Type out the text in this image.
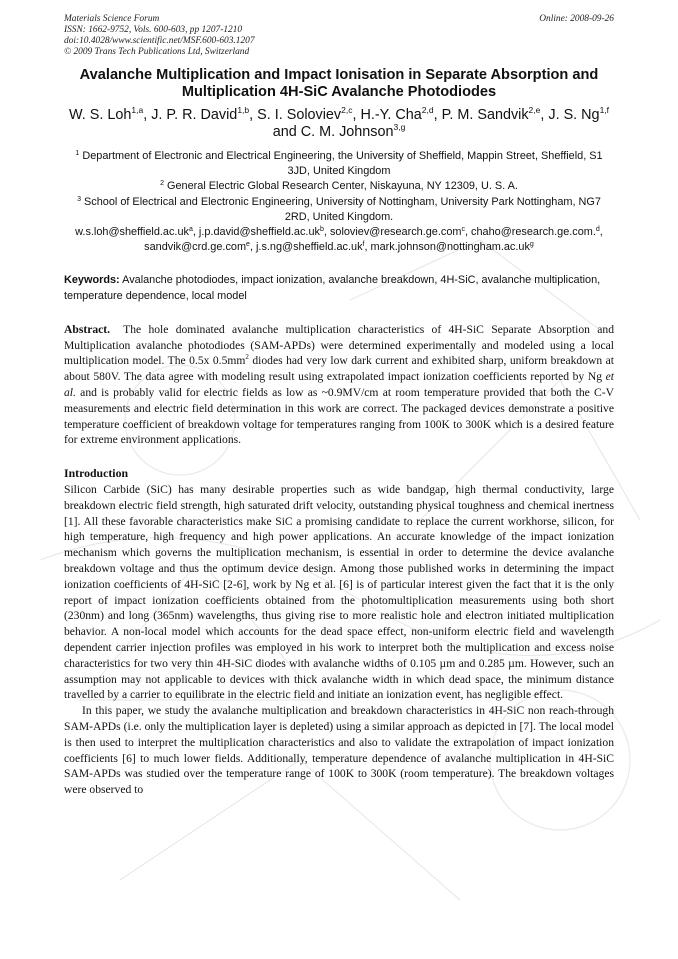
Materials Science Forum
ISSN: 1662-9752, Vols. 600-603, pp 1207-1210
doi:10.4028/www.scientific.net/MSF.600-603.1207
© 2009 Trans Tech Publications Ltd, Switzerland
Online: 2008-09-26
Avalanche Multiplication and Impact Ionisation in Separate Absorption and Multiplication 4H-SiC Avalanche Photodiodes
W. S. Loh$^{1,a}$, J. P. R. David$^{1,b}$, S. I. Soloviev$^{2,c}$, H.-Y. Cha$^{2,d}$, P. M. Sandvik$^{2,e}$, J. S. Ng$^{1,f}$ and C. M. Johnson$^{3,g}$
$^1$ Department of Electronic and Electrical Engineering, the University of Sheffield, Mappin Street, Sheffield, S1 3JD, United Kingdom
$^2$ General Electric Global Research Center, Niskayuna, NY 12309, U. S. A.
$^3$ School of Electrical and Electronic Engineering, University of Nottingham, University Park Nottingham, NG7 2RD, United Kingdom.
$w.s.loh@sheffield.ac.uk^a$, $j.p.david@sheffield.ac.uk^b$, soloviev@research.ge.com$^c$, chaho@research.ge.com.$^d$, sandvik@crd.ge.com$^e$, $j.s.ng@sheffield.ac.uk^f$, $mark.johnson@nottingham.ac.uk^g$
Keywords: Avalanche photodiodes, impact ionization, avalanche breakdown, 4H-SiC, avalanche multiplication, temperature dependence, local model
Abstract. The hole dominated avalanche multiplication characteristics of 4H-SiC Separate Absorption and Multiplication avalanche photodiodes (SAM-APDs) were determined experimentally and modeled using a local multiplication model. The 0.5x $0.5mm^2$ diodes had very low dark current and exhibited sharp, uniform breakdown at about 580V. The data agree with modeling result using extrapolated impact ionization coefficients reported by Ng et al. and is probably valid for electric fields as low as ~0.9MV/cm at room temperature provided that both the C-V measurements and electric field determination in this work are correct. The packaged devices demonstrate a positive temperature coefficient of breakdown voltage for temperatures ranging from 100K to 300K which is a desired feature for extreme environment applications.
Introduction

Silicon Carbide (SiC) has many desirable properties such as wide bandgap, high thermal conductivity, large breakdown electric field strength, high saturated drift velocity, outstanding physical toughness and chemical inertness [1]. All these favorable characteristics make SiC a promising candidate to replace the current workhorse, silicon, for high temperature, high frequency and high power applications. An accurate knowledge of the impact ionization mechanism which governs the multiplication mechanism, is essential in order to determine the device avalanche breakdown voltage and thus the optimum device design. Among those published works in determining the impact ionization coefficients of 4H-SiC [2-6], work by Ng et al. [6] is of particular interest given the fact that it is the only report of impact ionization coefficients obtained from the photomultiplication measurements using both short (230nm) and long (365nm) wavelengths, thus giving rise to more realistic hole and electron initiated multiplication behavior. A non-local model which accounts for the dead space effect, non-uniform electric field and wavelength dependent carrier injection profiles was employed in his work to interpret both the multiplication and excess noise characteristics for two very thin 4H-SiC diodes with avalanche widths of 0.105 µm and 0.285 µm. However, such an assumption may not applicable to devices with thick avalanche width in which dead space, the minimum distance travelled by a carrier to equilibrate in the electric field and initiate an ionization event, has negligible effect.

In this paper, we study the avalanche multiplication and breakdown characteristics in 4H-SiC non reach-through SAM-APDs (i.e. only the multiplication layer is depleted) using a similar approach as depicted in [7]. The local model is then used to interpret the multiplication characteristics and also to validate the extrapolation of impact ionization coefficients [6] to much lower fields. Additionally, temperature dependence of avalanche multiplication in 4H-SiC SAM-APDs was studied over the temperature range of 100K to 300K (room temperature). The breakdown voltages were observed to
